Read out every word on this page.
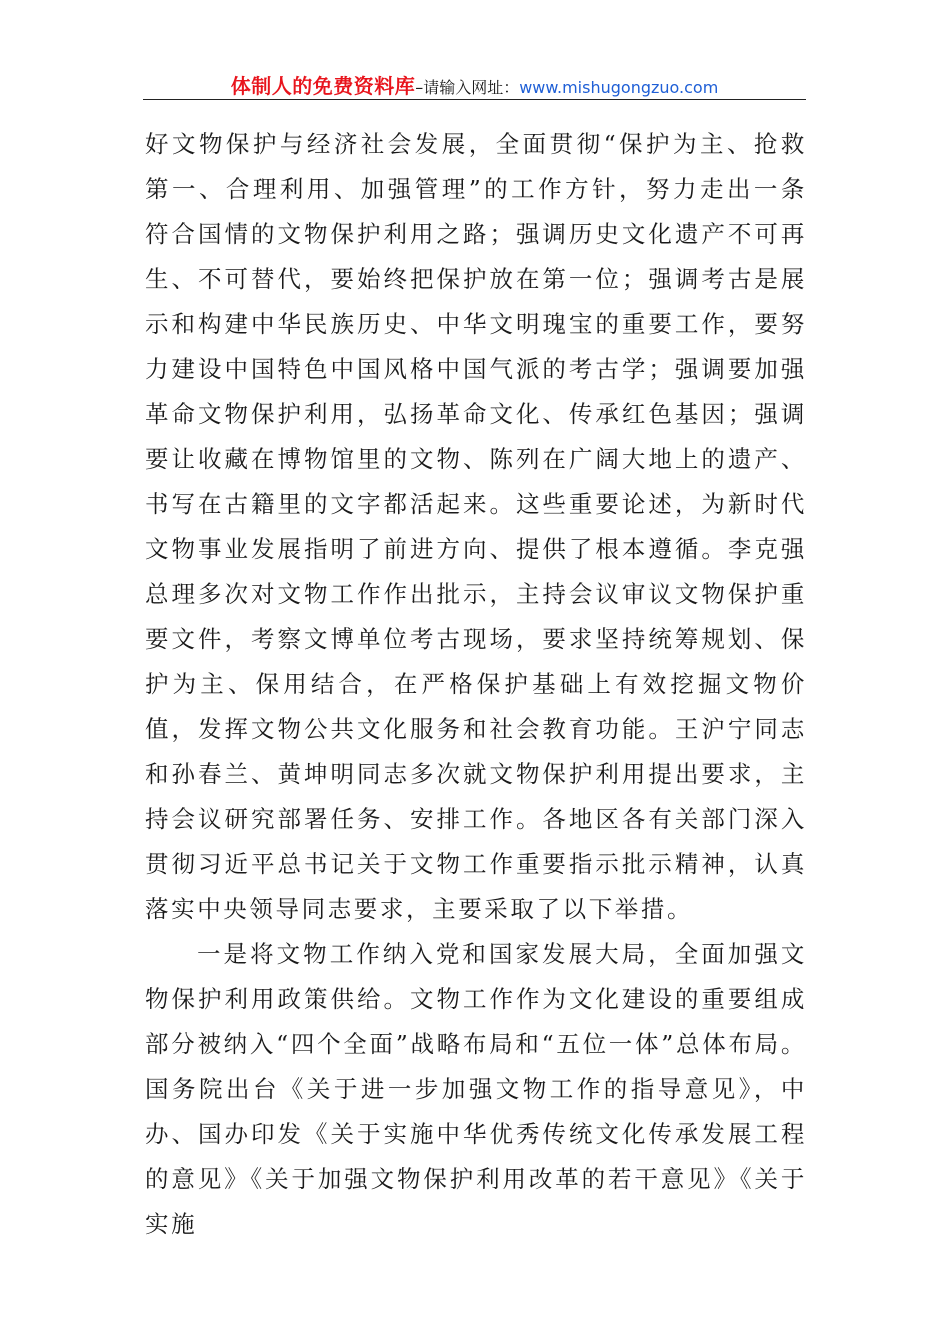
体制人的免费资料库–请输入网址：www.mishugongzuo.com

好文物保护与经济社会发展，全面贯彻“保护为主、抢救第一、合理利用、加强管理”的工作方针，努力走出一条符合国情的文物保护利用之路；强调历史文化遗产不可再生、不可替代，要始终把保护放在第一位；强调考古是展示和构建中华民族历史、中华文明瑰宝的重要工作，要努力建设中国特色中国风格中国气派的考古学；强调要加强革命文物保护利用，弘扬革命文化、传承红色基因；强调要让收藏在博物馆里的文物、陈列在广阔大地上的遗产、书写在古籍里的文字都活起来。这些重要论述，为新时代文物事业发展指明了前进方向、提供了根本遵循。李克强总理多次对文物工作作出批示，主持会议审议文物保护重要文件，考察文博单位考古现场，要求坚持统筹规划、保护为主、保用结合，在严格保护基础上有效挖掘文物价值，发挥文物公共文化服务和社会教育功能。王沪宁同志和孙春兰、黄坤明同志多次就文物保护利用提出要求，主持会议研究部署任务、安排工作。各地区各有关部门深入贯彻习近平总书记关于文物工作重要指示批示精神，认真落实中央领导同志要求，主要采取了以下举措。

一是将文物工作纳入党和国家发展大局，全面加强文物保护利用政策供给。文物工作作为文化建设的重要组成部分被纳入“四个全面”战略布局和“五位一体”总体布局。国务院出台《关于进一步加强文物工作的指导意见》，中办、国办印发《关于实施中华优秀传统文化传承发展工程的意见》《关于加强文物保护利用改革的若干意见》《关于实施
